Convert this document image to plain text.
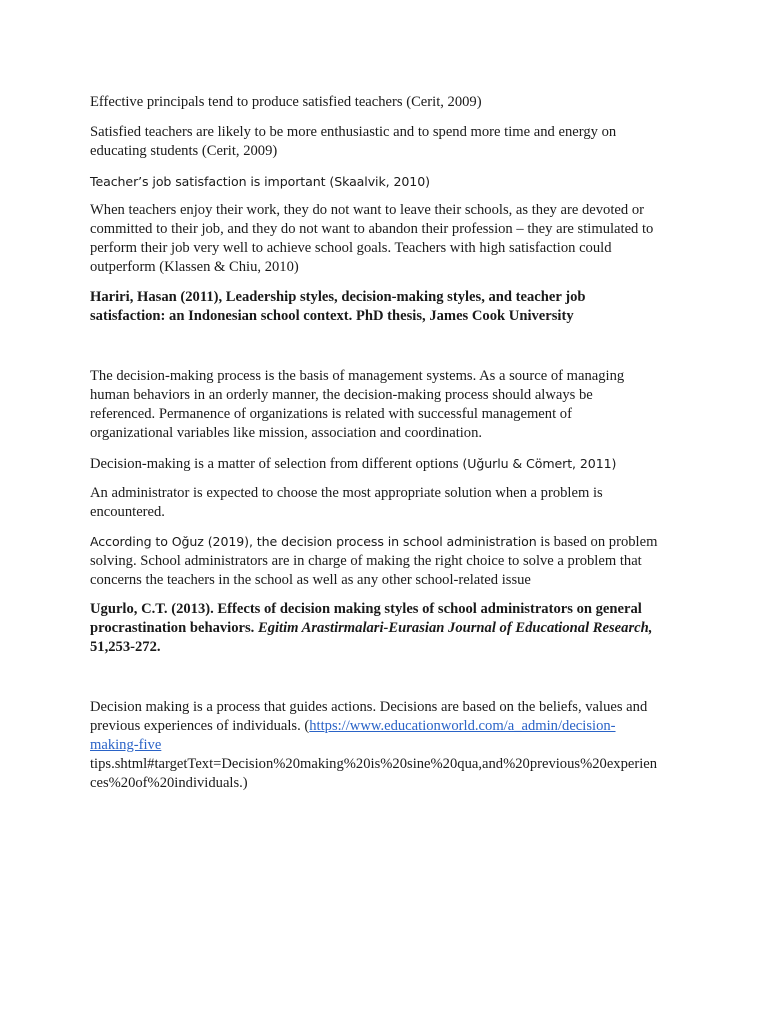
Effective principals tend to produce satisfied teachers (Cerit, 2009)

Satisfied teachers are likely to be more enthusiastic and to spend more time and energy on
educating students (Cerit, 2009)

Teacher’s job satisfaction is important (Skaalvik, 2010)

When teachers enjoy their work, they do not want to leave their schools, as they are devoted or
committed to their job, and they do not want to abandon their profession – they are stimulated to
perform their job very well to achieve school goals. Teachers with high satisfaction could
outperform (Klassen & Chiu, 2010)

Hariri, Hasan (2011), Leadership styles, decision-making styles, and teacher job
satisfaction: an Indonesian school context. PhD thesis, James Cook University

The decision-making process is the basis of management systems. As a source of managing
human behaviors in an orderly manner, the decision-making process should always be
referenced. Permanence of organizations is related with successful management of
organizational variables like mission, association and coordination.

Decision-making is a matter of selection from different options (Uğurlu & Cömert, 2011)

An administrator is expected to choose the most appropriate solution when a problem is
encountered.

According to Oğuz (2019), the decision process in school administration is based on problem
solving. School administrators are in charge of making the right choice to solve a problem that
concerns the teachers in the school as well as any other school-related issue

Ugurlo, C.T. (2013). Effects of decision making styles of school administrators on general
procrastination behaviors. Egitim Arastirmalari-Eurasian Journal of Educational Research,
51,253-272.

Decision making is a process that guides actions. Decisions are based on the beliefs, values and
previous experiences of individuals. (https://www.educationworld.com/a_admin/decision-
making-five
tips.shtml#targetText=Decision%20making%20is%20sine%20qua,and%20previous%20experien
ces%20of%20individuals.)
